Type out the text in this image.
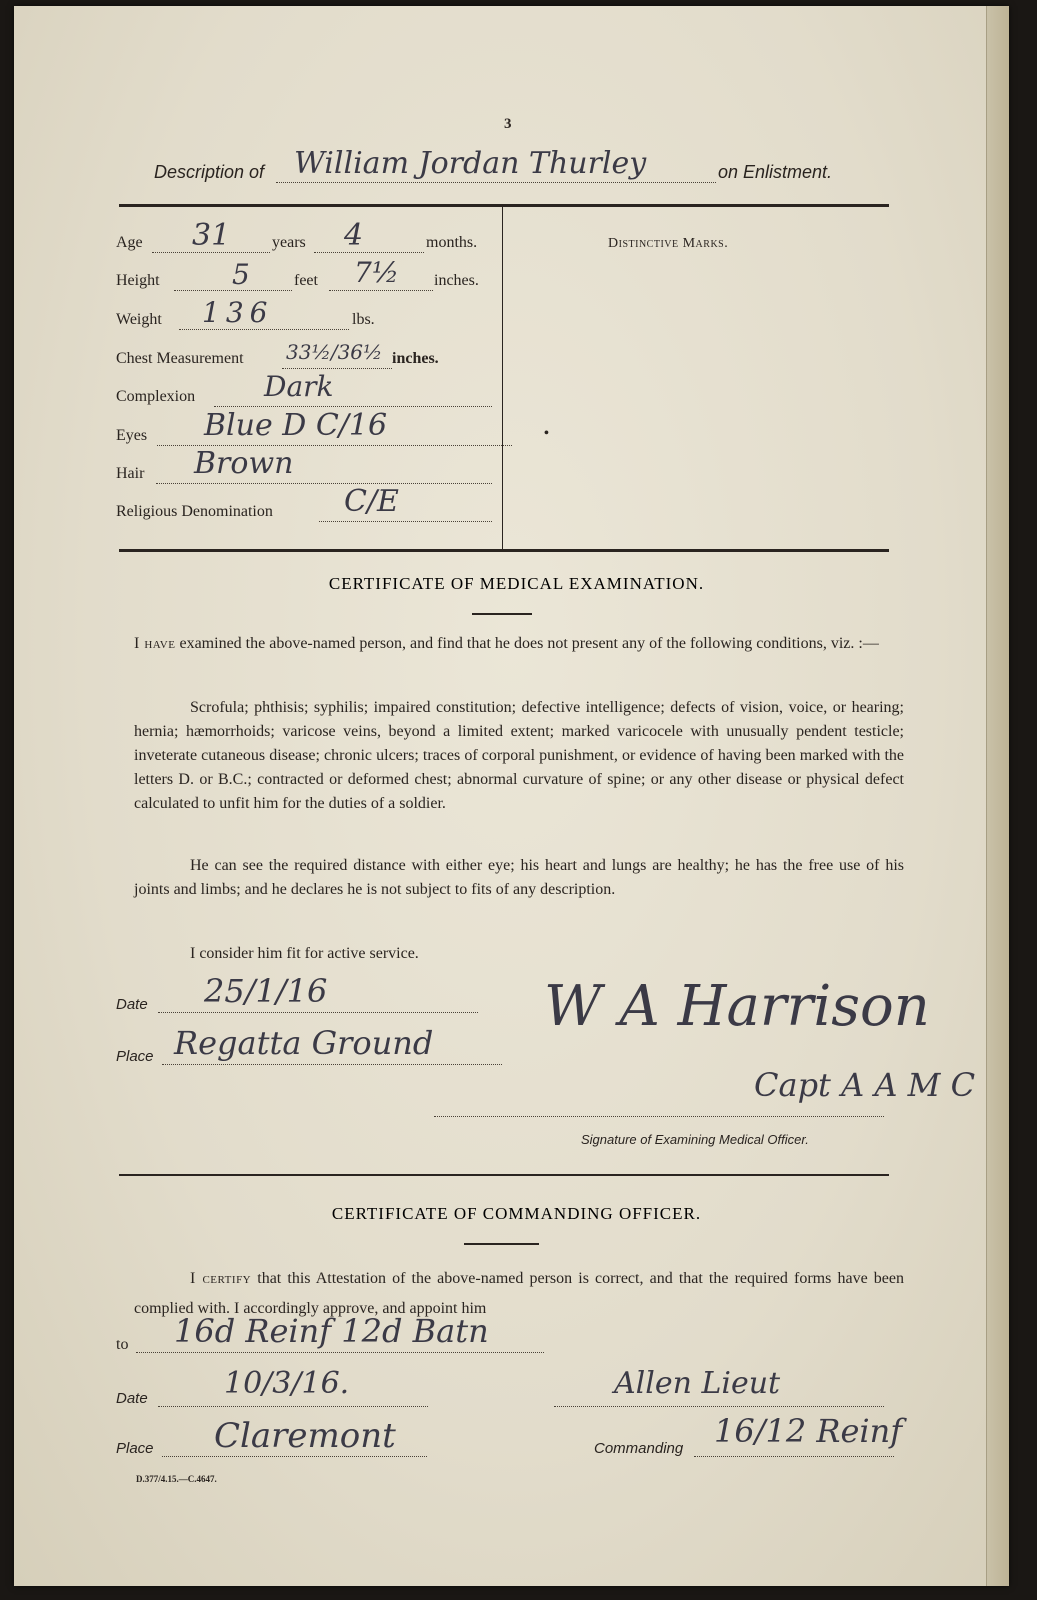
3
Description of William Jordan Thurley	on Enlistment.
Age 31	years 4	months.
Height	5	feet 7½ inches.
Weight 136	lbs.
Chest Measurement 33½/36½ inches.
Complexion Dark
Eyes Blue D C/16	•
Hair Brown
Religious Denomination C/E
Distinctive Marks.
CERTIFICATE OF MEDICAL EXAMINATION.
I have examined the above-named person, and find that he does not present any of the following conditions, viz. :—
Scrofula; phthisis; syphilis; impaired constitution; defective intelligence; defects of vision, voice, or hearing; hernia; hæmorrhoids; varicose veins, beyond a limited extent; marked varicocele with unusually pendent testicle; inveterate cutaneous disease; chronic ulcers; traces of corporal punishment, or evidence of having been marked with the letters D. or B.C.; contracted or deformed chest; abnormal curvature of spine; or any other disease or physical defect calculated to unfit him for the duties of a soldier.
He can see the required distance with either eye; his heart and lungs are healthy; he has the free use of his joints and limbs; and he declares he is not subject to fits of any description.
I consider him fit for active service.
Date 25/1/16
Place Regatta Ground
W A Harrison
Capt A A M C
Signature of Examining Medical Officer.
CERTIFICATE OF COMMANDING OFFICER.
I certify that this Attestation of the above-named person is correct, and that the required forms have been complied with. I accordingly approve, and appoint him
to 16d Reinf 12d Batn
Date	10/3/16.	Allen Lieut
Place Claremont	Commanding 16/12 Reinf
D.377/4.15.—C.4647.
